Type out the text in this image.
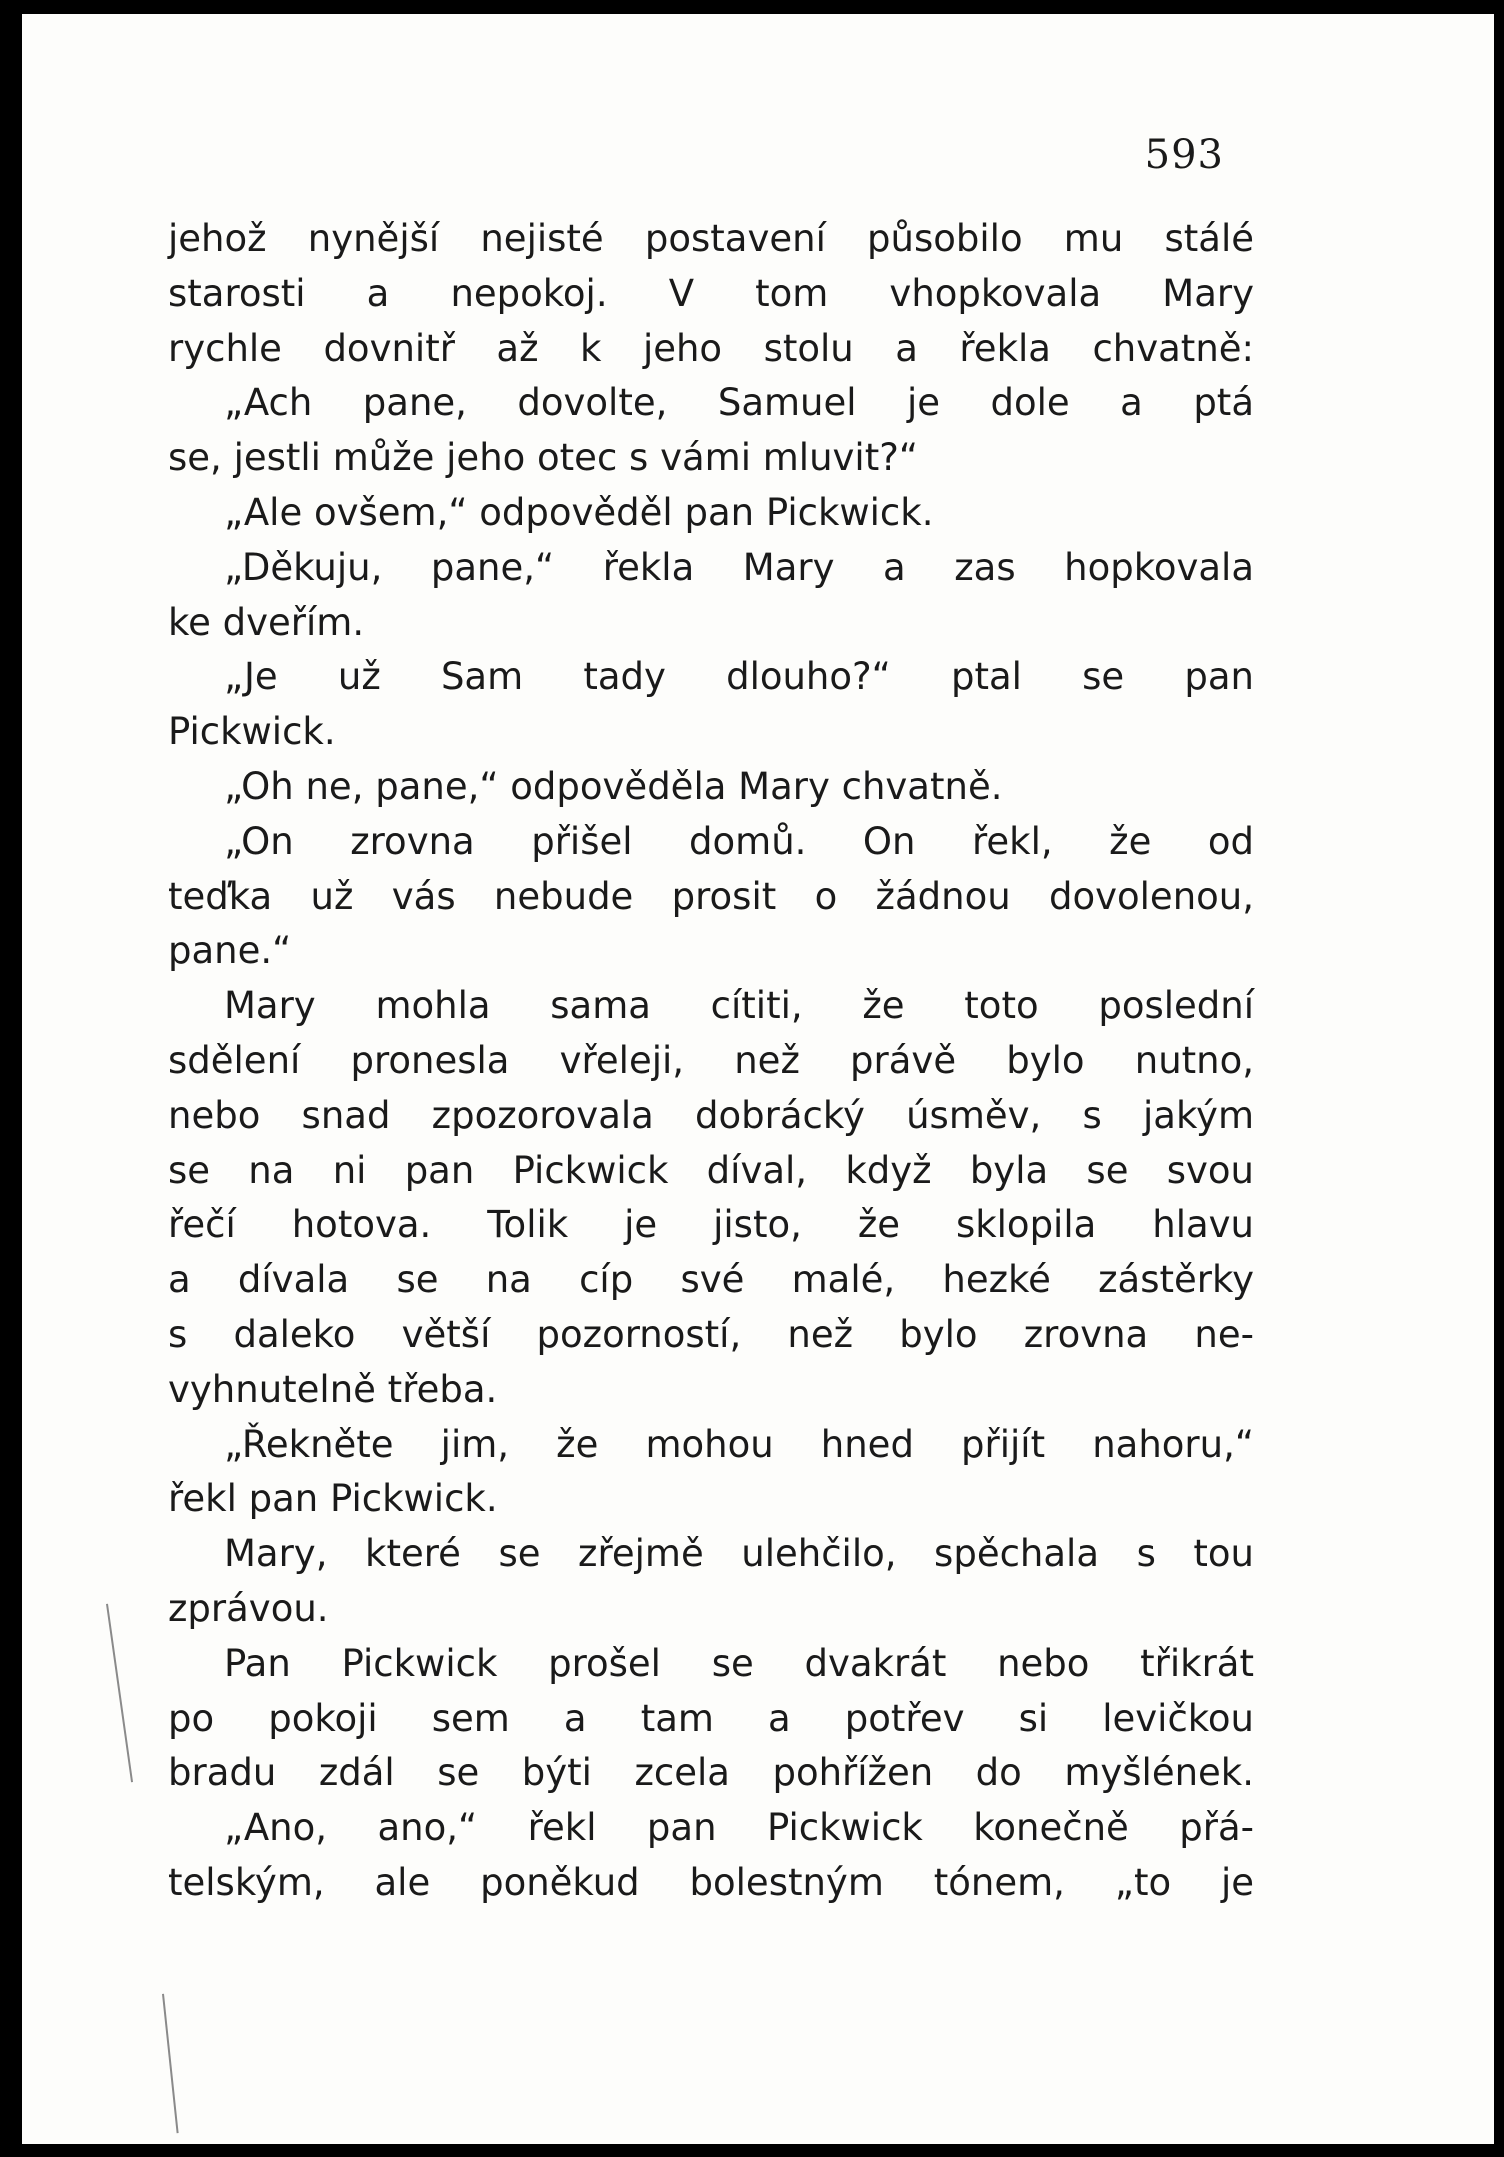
593

jehož nynější nejisté postavení působilo mu stálé
starosti a nepokoj. V tom vhopkovala Mary
rychle dovnitř až k jeho stolu a řekla chvatně:
„Ach pane, dovolte, Samuel je dole a ptá
se, jestli může jeho otec s vámi mluvit?“
„Ale ovšem,“ odpověděl pan Pickwick.
„Děkuju, pane,“ řekla Mary a zas hopkovala
ke dveřím.
„Je už Sam tady dlouho?“ ptal se pan
Pickwick.
„Oh ne, pane,“ odpověděla Mary chvatně.
„On zrovna přišel domů. On řekl, že od
teďka už vás nebude prosit o žádnou dovolenou,
pane.“
Mary mohla sama cítiti, že toto poslední
sdělení pronesla vřeleji, než právě bylo nutno,
nebo snad zpozorovala dobrácký úsměv, s jakým
se na ni pan Pickwick díval, když byla se svou
řečí hotova. Tolik je jisto, že sklopila hlavu
a dívala se na cíp své malé, hezké zástěrky
s daleko větší pozorností, než bylo zrovna ne-
vyhnutelně třeba.
„Řekněte jim, že mohou hned přijít nahoru,“
řekl pan Pickwick.
Mary, které se zřejmě ulehčilo, spěchala s tou
zprávou.
Pan Pickwick prošel se dvakrát nebo třikrát
po pokoji sem a tam a potřev si levičkou
bradu zdál se býti zcela pohřížen do myšlének.
„Ano, ano,“ řekl pan Pickwick konečně přá-
telským, ale poněkud bolestným tónem, „to je
